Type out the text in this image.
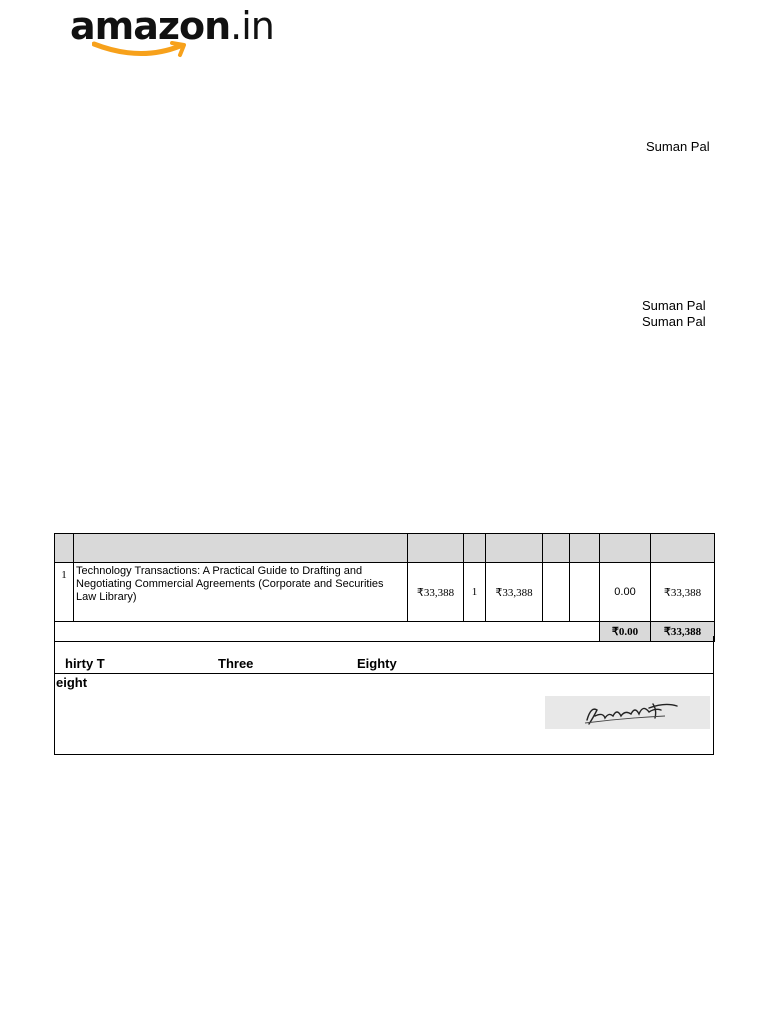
amazon.in
Suman Pal
Suman Pal
Suman Pal

1	Technology Transactions: A Practical Guide to Drafting and Negotiating Commercial Agreements (Corporate and Securities Law Library)	₹33,388	1	₹33,388			0.00	₹33,388
							₹0.00	₹33,388
hirty T	Three	Eighty
eight
